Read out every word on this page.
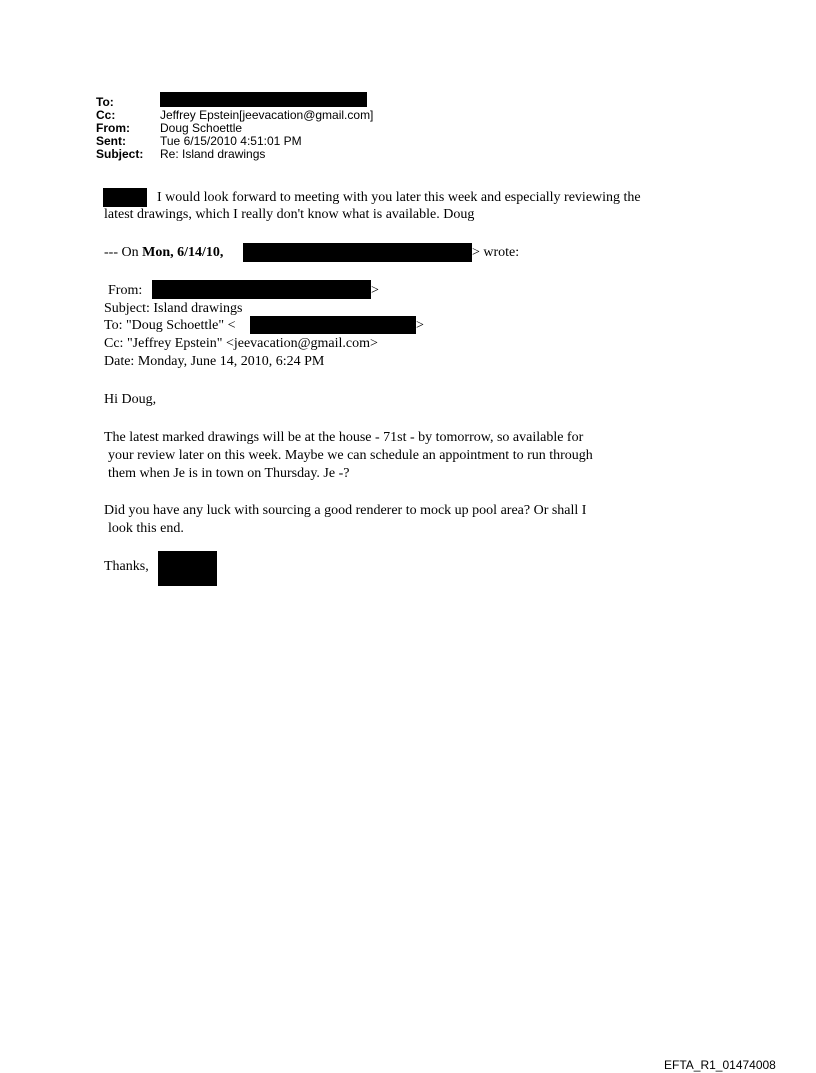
To:
Cc:	Jeffrey Epstein[jeevacation@gmail.com]
From:	Doug Schoettle
Sent:	Tue 6/15/2010 4:51:01 PM
Subject:	Re: Island drawings
I would look forward to meeting with you later this week and especially reviewing the
latest drawings, which I really don't know what is available. Doug
--- On Mon, 6/14/10,	> wrote:
From:	>
Subject: Island drawings
To: "Doug Schoettle" <	>
Cc: "Jeffrey Epstein" <jeevacation@gmail.com>
Date: Monday, June 14, 2010, 6:24 PM
Hi Doug,
The latest marked drawings will be at the house - 71st - by tomorrow, so available for
your review later on this week. Maybe we can schedule an appointment to run through
them when Je is in town on Thursday. Je -?
Did you have any luck with sourcing a good renderer to mock up pool area? Or shall I
look this end.
Thanks,
EFTA_R1_01474008
